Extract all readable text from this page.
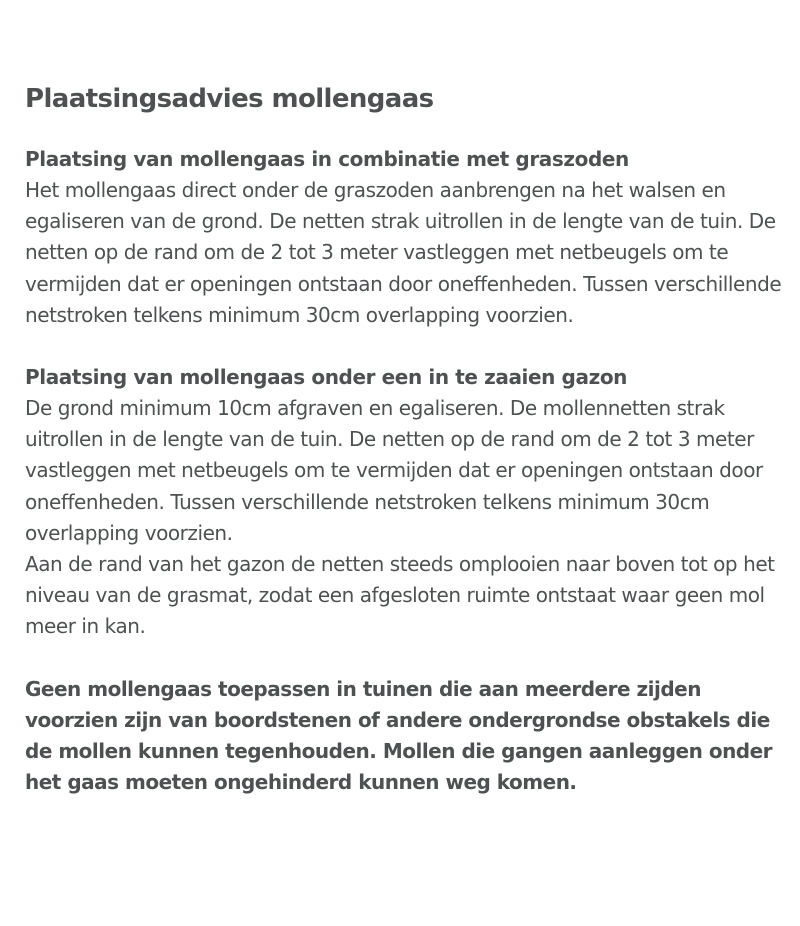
Plaatsingsadvies mollengaas
Plaatsing van mollengaas in combinatie met graszoden

Het mollengaas direct onder de graszoden aanbrengen na het walsen en egaliseren van de grond. De netten strak uitrollen in de lengte van de tuin. De netten op de rand om de 2 tot 3 meter vastleggen met netbeugels om te vermijden dat er openingen ontstaan door oneffenheden. Tussen verschillende netstroken telkens minimum 30cm overlapping voorzien.

Plaatsing van mollengaas onder een in te zaaien gazon

De grond minimum 10cm afgraven en egaliseren. De mollennetten strak uitrollen in de lengte van de tuin. De netten op de rand om de 2 tot 3 meter vastleggen met netbeugels om te vermijden dat er openingen ontstaan door oneffenheden. Tussen verschillende netstroken telkens minimum 30cm overlapping voorzien.

Aan de rand van het gazon de netten steeds omplooien naar boven tot op het niveau van de grasmat, zodat een afgesloten ruimte ontstaat waar geen mol meer in kan.

Geen mollengaas toepassen in tuinen die aan meerdere zijden voorzien zijn van boordstenen of andere ondergrondse obstakels die de mollen kunnen tegenhouden. Mollen die gangen aanleggen onder het gaas moeten ongehinderd kunnen weg komen.
